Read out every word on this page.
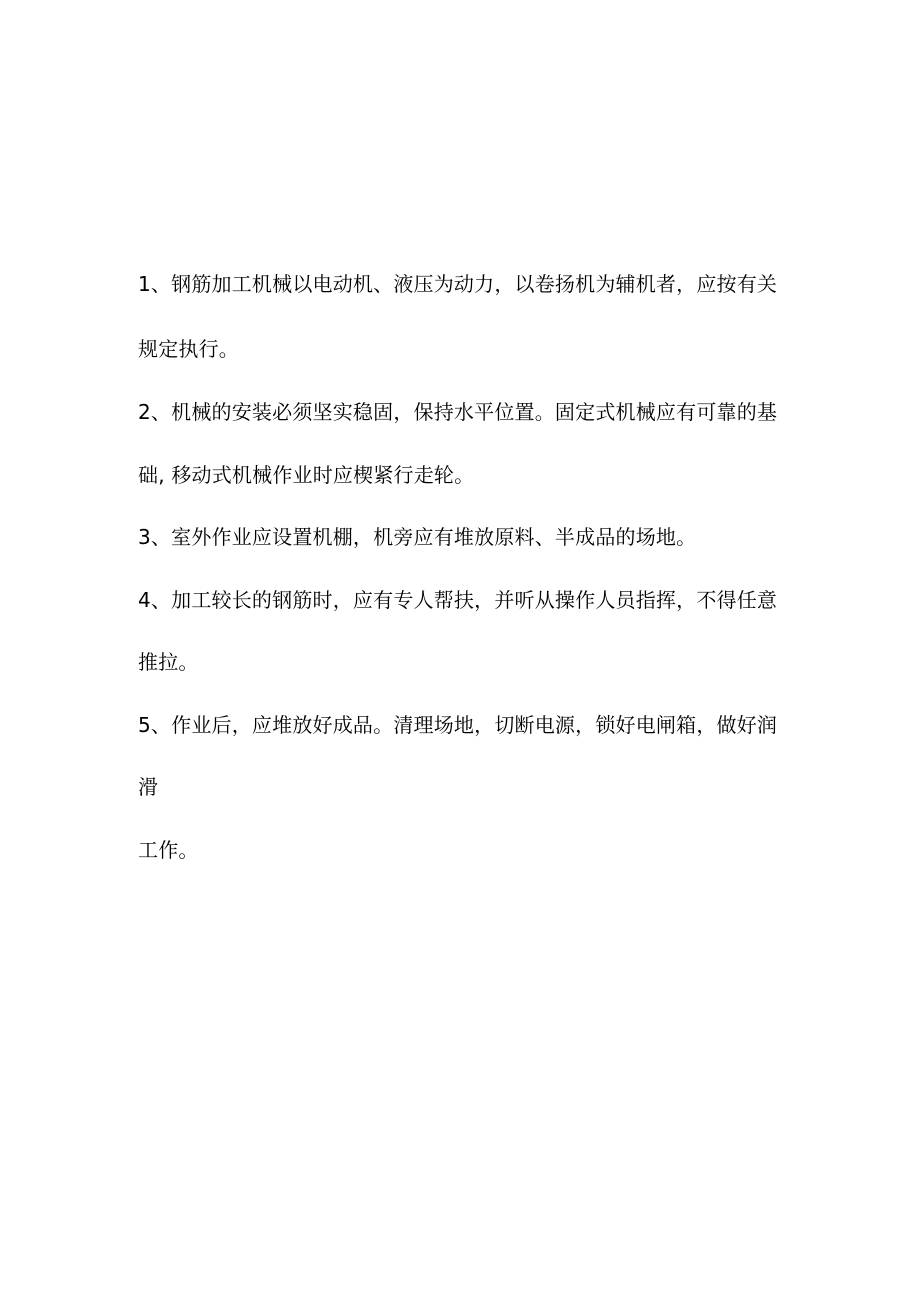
1、钢筋加工机械以电动机、液压为动力，以卷扬机为辅机者，应按有关
规定执行。
2、机械的安装必须坚实稳固，保持水平位置。固定式机械应有可靠的基
础, 移动式机械作业时应楔紧行走轮。
3、室外作业应设置机棚，机旁应有堆放原料、半成品的场地。
4、加工较长的钢筋时，应有专人帮扶，并听从操作人员指挥，不得任意
推拉。
5、作业后，应堆放好成品。清理场地，切断电源，锁好电闸箱，做好润
滑
工作。
